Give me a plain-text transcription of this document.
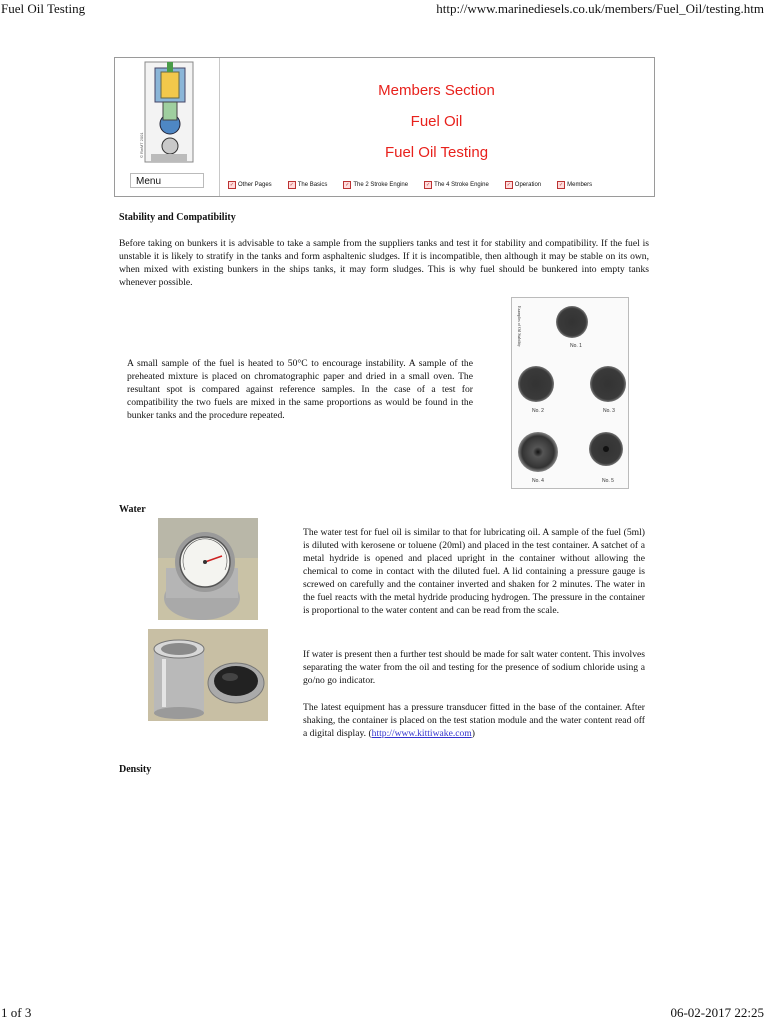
Fuel Oil Testing	http://www.marinediesels.co.uk/members/Fuel_Oil/testing.htm
1 of 3	06-02-2017 22:25
© RwMT 2001
Menu
Members Section
Fuel Oil
Fuel Oil Testing
✓ Other Pages	✓ The Basics	✓ The 2 Stroke Engine	✓ The 4 Stroke Engine	✓ Operation	✓ Members
Stability and Compatibility

Before taking on bunkers it is advisable to take a sample from the suppliers tanks and test it for stability and compatibility. If the fuel is unstable it is likely to stratify in the tanks and form asphaltenic sludges. If it is incompatible, then although it may be stable on its own, when mixed with existing bunkers in the ships tanks, it may form sludges. This is why fuel should be bunkered into empty tanks whenever possible.

A small sample of the fuel is heated to 50°C to encourage instability. A sample of the preheated mixture is placed on chromatographic paper and dried in a small oven. The resultant spot is compared against reference samples. In the case of a test for compatibility the two fuels are mixed in the same proportions as would be found in the bunker tanks and the procedure repeated.

Examples of Oil Stability	No. 1
No. 2	No. 3
No. 4	No. 5
Water

The water test for fuel oil is similar to that for lubricating oil. A sample of the fuel (5ml) is diluted with kerosene or toluene (20ml) and placed in the test container. A satchet of a metal hydride is opened and placed upright in the container without allowing the chemical to come in contact with the diluted fuel. A lid containing a pressure gauge is screwed on carefully and the container inverted and shaken for 2 minutes. The water in the fuel reacts with the metal hydride producing hydrogen. The pressure in the container is proportional to the water content and can be read from the scale.

If water is present then a further test should be made for salt water content. This involves separating the water from the oil and testing for the presence of sodium chloride using a go/no go indicator.

The latest equipment has a pressure transducer fitted in the base of the container. After shaking, the container is placed on the test station module and the water content read off a digital display. (http://www.kittiwake.com)

Density
